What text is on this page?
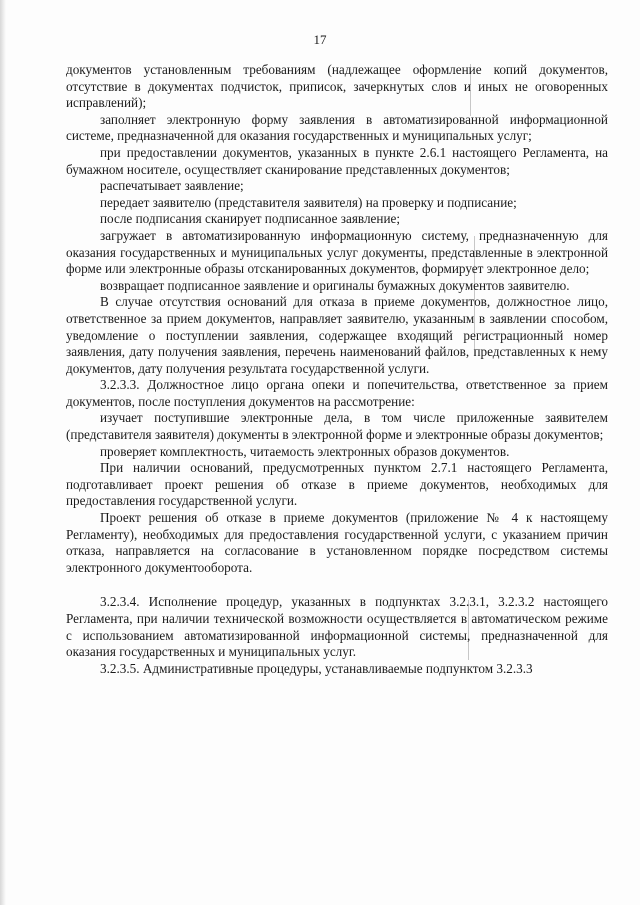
17

документов установленным требованиям (надлежащее оформление копий документов, отсутствие в документах подчисток, приписок, зачеркнутых слов и иных не оговоренных исправлений);

заполняет электронную форму заявления в автоматизированной информационной системе, предназначенной для оказания государственных и муниципальных услуг;

при предоставлении документов, указанных в пункте 2.6.1 настоящего Регламента, на бумажном носителе, осуществляет сканирование представленных документов;

распечатывает заявление;

передает заявителю (представителя заявителя) на проверку и подписание;

после подписания сканирует подписанное заявление;

загружает в автоматизированную информационную систему, предназначенную для оказания государственных и муниципальных услуг документы, представленные в электронной форме или электронные образы отсканированных документов, формирует электронное дело;

возвращает подписанное заявление и оригиналы бумажных документов заявителю.

В случае отсутствия оснований для отказа в приеме документов, должностное лицо, ответственное за прием документов, направляет заявителю, указанным в заявлении способом, уведомление о поступлении заявления, содержащее входящий регистрационный номер заявления, дату получения заявления, перечень наименований файлов, представленных к нему документов, дату получения результата государственной услуги.

3.2.3.3. Должностное лицо органа опеки и попечительства, ответственное за прием документов, после поступления документов на рассмотрение:

изучает поступившие электронные дела, в том числе приложенные заявителем (представителя заявителя) документы в электронной форме и электронные образы документов;

проверяет комплектность, читаемость электронных образов документов.

При наличии оснований, предусмотренных пунктом 2.7.1 настоящего Регламента, подготавливает проект решения об отказе в приеме документов, необходимых для предоставления государственной услуги.

Проект решения об отказе в приеме документов (приложение № 4 к настоящему Регламенту), необходимых для предоставления государственной услуги, с указанием причин отказа, направляется на согласование в установленном порядке посредством системы электронного документооборота.

3.2.3.4. Исполнение процедур, указанных в подпунктах 3.2.3.1, 3.2.3.2 настоящего Регламента, при наличии технической возможности осуществляется в автоматическом режиме с использованием автоматизированной информационной системы, предназначенной для оказания государственных и муниципальных услуг.

3.2.3.5. Административные процедуры, устанавливаемые подпунктом 3.2.3.3
